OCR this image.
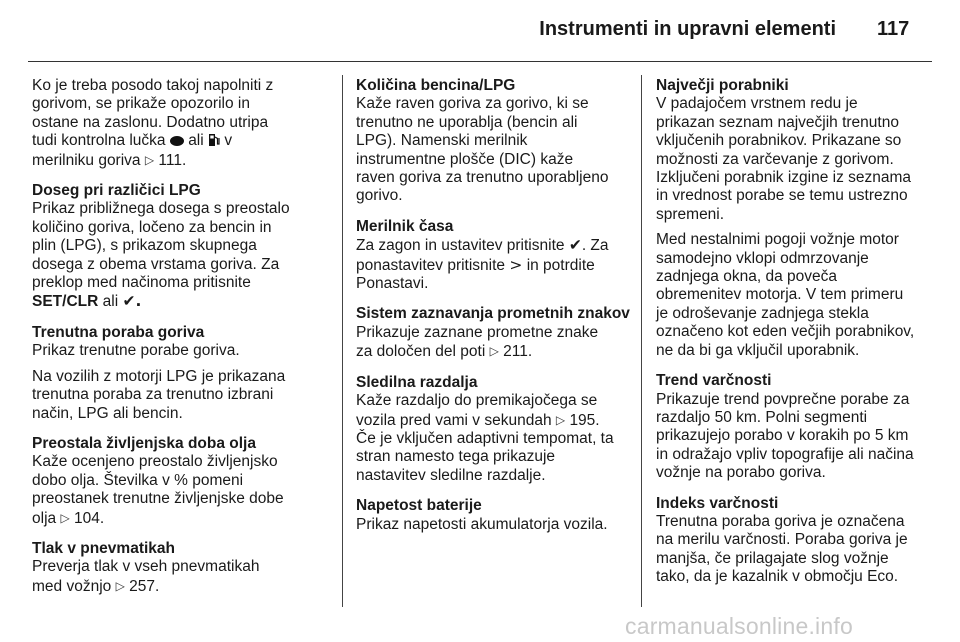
Instrumenti in upravni elementi 117
Ko je treba posodo takoj napolniti z
gorivom, se prikaže opozorilo in
ostane na zaslonu. Dodatno utripa
tudi kontrolna lučka ali v
merilniku goriva ▷ 111.
Doseg pri različici LPG
Prikaz približnega dosega s preostalo
količino goriva, ločeno za bencin in
plin (LPG), s prikazom skupnega
dosega z obema vrstama goriva. Za
preklop med načinoma pritisnite
SET/CLR ali ✔.
Trenutna poraba goriva
Prikaz trenutne porabe goriva.
Na vozilih z motorji LPG je prikazana
trenutna poraba za trenutno izbrani
način, LPG ali bencin.
Preostala življenjska doba olja
Kaže ocenjeno preostalo življenjsko
dobo olja. Številka v % pomeni
preostanek trenutne življenjske dobe
olja ▷ 104.
Tlak v pnevmatikah
Preverja tlak v vseh pnevmatikah
med vožnjo ▷ 257.
Količina bencina/LPG
Kaže raven goriva za gorivo, ki se
trenutno ne uporablja (bencin ali
LPG). Namenski merilnik
instrumentne plošče (DIC) kaže
raven goriva za trenutno uporabljeno
gorivo.
Merilnik časa
Za zagon in ustavitev pritisnite ✔. Za
ponastavitev pritisnite > in potrdite
Ponastavi.
Sistem zaznavanja prometnih znakov
Prikazuje zaznane prometne znake
za določen del poti ▷ 211.
Sledilna razdalja
Kaže razdaljo do premikajočega se
vozila pred vami v sekundah ▷ 195.
Če je vključen adaptivni tempomat, ta
stran namesto tega prikazuje
nastavitev sledilne razdalje.
Napetost baterije
Prikaz napetosti akumulatorja vozila.
Največji porabniki
V padajočem vrstnem redu je
prikazan seznam največjih trenutno
vključenih porabnikov. Prikazane so
možnosti za varčevanje z gorivom.
Izključeni porabnik izgine iz seznama
in vrednost porabe se temu ustrezno
spremeni.
Med nestalnimi pogoji vožnje motor
samodejno vklopi odmrzovanje
zadnjega okna, da poveča
obremenitev motorja. V tem primeru
je odroševanje zadnjega stekla
označeno kot eden večjih porabnikov,
ne da bi ga vključil uporabnik.
Trend varčnosti
Prikazuje trend povprečne porabe za
razdaljo 50 km. Polni segmenti
prikazujejo porabo v korakih po 5 km
in odražajo vpliv topografije ali načina
vožnje na porabo goriva.
Indeks varčnosti
Trenutna poraba goriva je označena
na merilu varčnosti. Poraba goriva je
manjša, če prilagajate slog vožnje
tako, da je kazalnik v območju Eco.
carmanualsonline.info
